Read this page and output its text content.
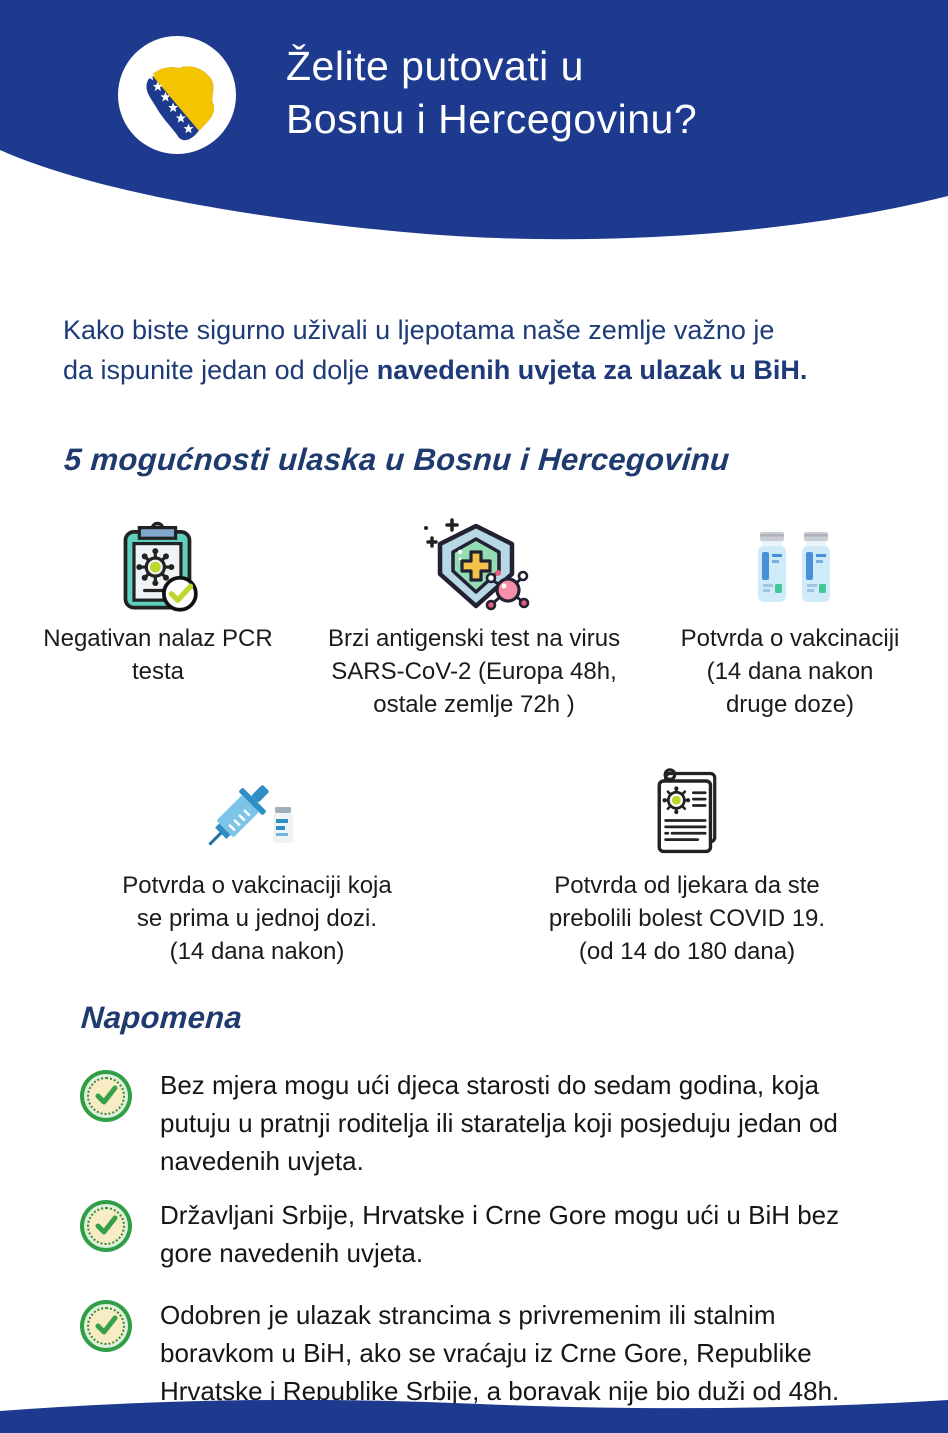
Želite putovati u
Bosnu i Hercegovinu?
Kako biste sigurno uživali u ljepotama naše zemlje važno je
da ispunite jedan od dolje navedenih uvjeta za ulazak u BiH.
5 mogućnosti ulaska u Bosnu i Hercegovinu
Negativan nalaz PCR
testa
Brzi antigenski test na virus
SARS-CoV-2 (Europa 48h,
ostale zemlje 72h )
Potvrda o vakcinaciji
(14 dana nakon
druge doze)
Potvrda o vakcinaciji koja
se prima u jednoj dozi.
(14 dana nakon)
Potvrda od ljekara da ste
prebolili bolest COVID 19.
(od 14 do 180 dana)
Napomena
Bez mjera mogu ući djeca starosti do sedam godina, koja putuju u pratnji roditelja ili staratelja koji posjeduju jedan od navedenih uvjeta.
Državljani Srbije, Hrvatske i Crne Gore mogu ući u BiH bez gore navedenih uvjeta.
Odobren je ulazak strancima s privremenim ili stalnim boravkom u BiH, ako se vraćaju iz Crne Gore, Republike Hrvatske i Republike Srbije, a boravak nije bio duži od 48h.
